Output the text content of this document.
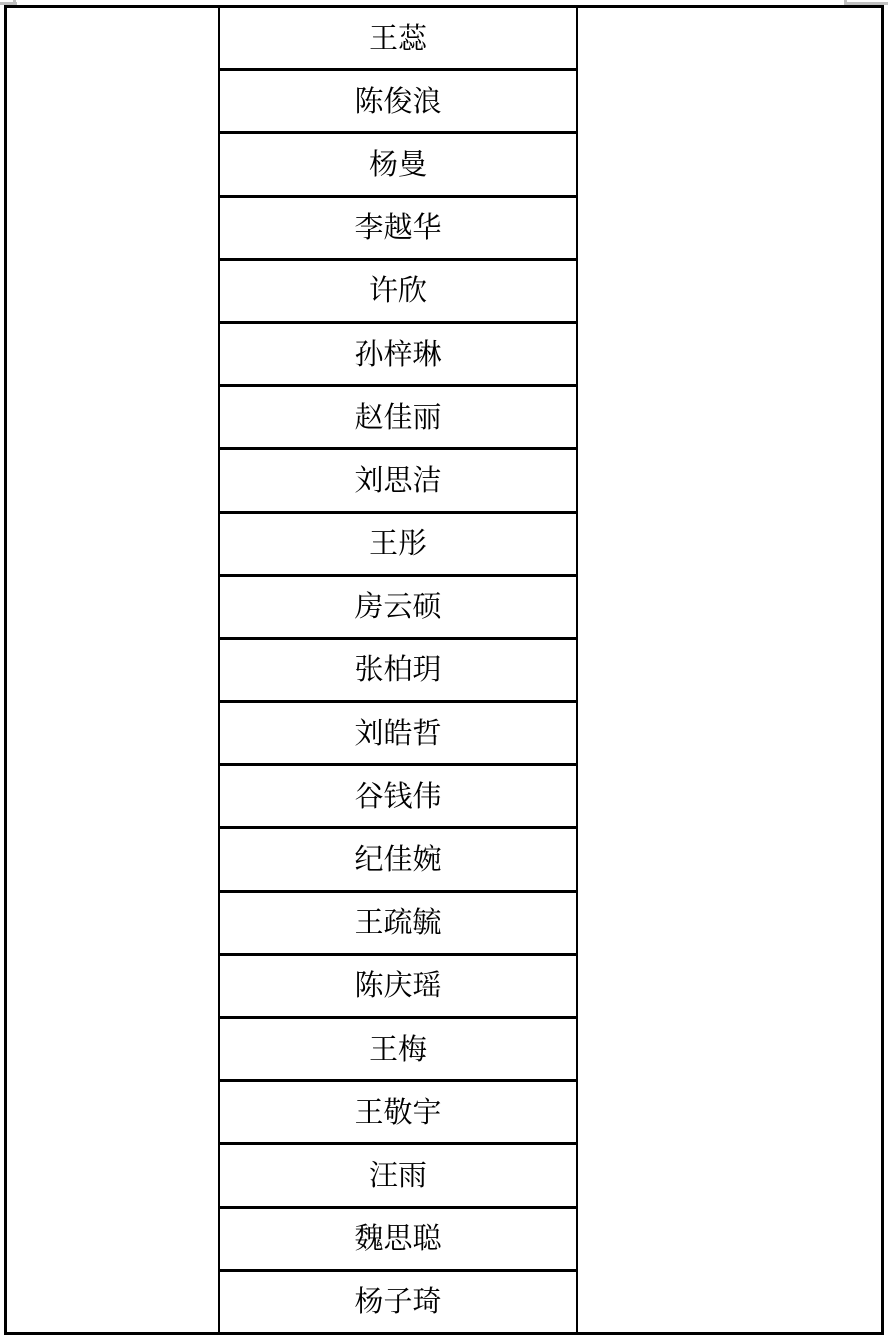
王蕊
陈俊浪
杨曼
李越华
许欣
孙梓琳
赵佳丽
刘思洁
王彤
房云硕
张柏玥
刘皓哲
谷钱伟
纪佳婉
王疏毓
陈庆瑶
王梅
王敬宇
汪雨
魏思聪
杨子琦
